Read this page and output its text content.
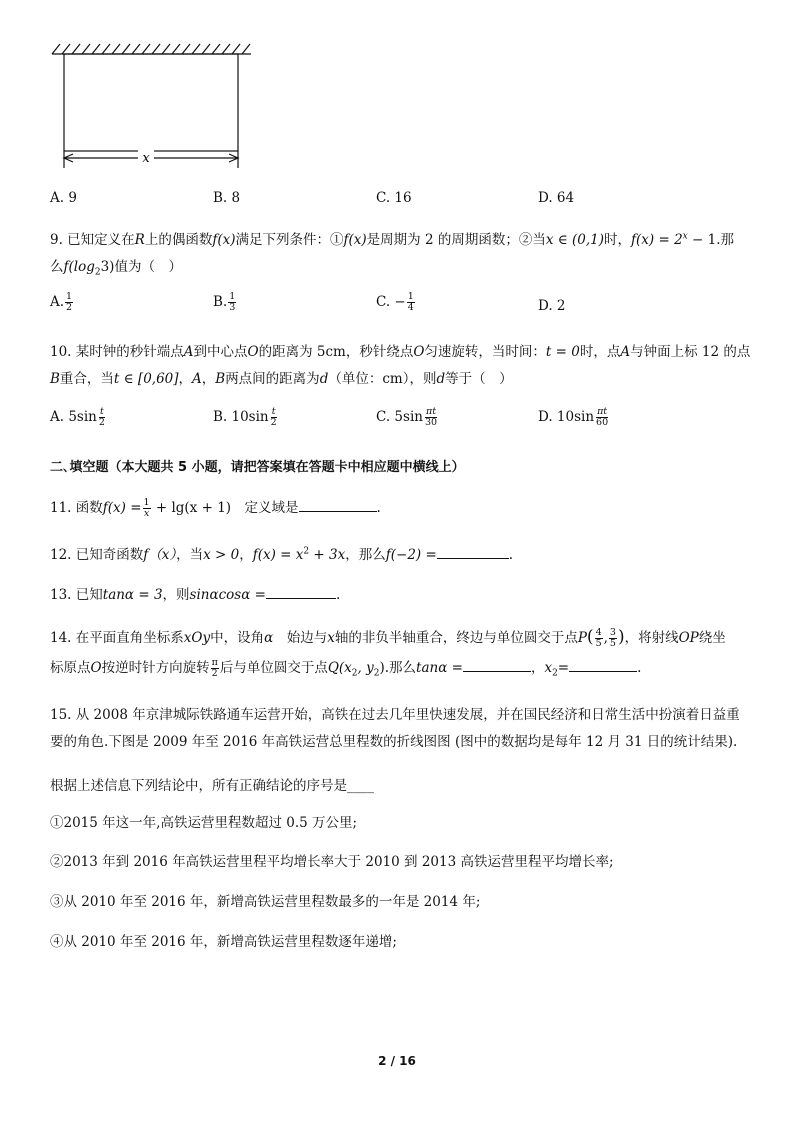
x
A. 9	B. 8	C. 16	D. 64
9. 已知定义在R上的偶函数f(x)满足下列条件：①f(x)是周期为 2 的周期函数；②当x ∈ (0,1)时，$f(x) = 2^x - 1$.那
么$f(\log_23)$值为（　）
A. $\frac{1}{2}$	B. $\frac{1}{3}$	C. − $\frac{1}{4}$	D. 2
10. 某时钟的秒针端点A到中心点O的距离为 5cm，秒针绕点O匀速旋转，当时间：t = 0时，点A与钟面上标 12 的点
B重合，当t ∈ [0,60]，A，B两点间的距离为d（单位：cm），则d等于（　）
A. $5\sin \frac{t}{2}$	B. $10\sin \frac{t}{2}$	C. $5\sin \frac{\pi t}{30}$	D. $10\sin \frac{\pi t}{60}$
二､填空题（本大题共 5 小题，请把答案填在答题卡中相应题中横线上）
11. 函数$f(x) = \frac{1}{x} + \lg(x + 1)$　定义域是	.
12. 已知奇函数f（x），当x > 0，$f(x) = x^2 + 3x$，那么f(−2) =	.
13. 已知tanα = 3，则sinαcosα =	.
14. 在平面直角坐标系xOy中，设角α　始边与x轴的非负半轴重合，终边与单位圆交于点$P( \frac{4}{5}$ , $\frac{3}{5}$ )，将射线OP绕坐
标原点O按逆时针方向旋转 $\frac{\pi}{2}$ 后与单位圆交于点$Q(x_2$, $y_2$).那么tanα =	，$x_2=$	.
15. 从 2008 年京津城际铁路通车运营开始，高铁在过去几年里快速发展，并在国民经济和日常生活中扮演着日益重
要的角色.下图是 2009 年至 2016 年高铁运营总里程数的折线图图 (图中的数据均是每年 12 月 31 日的统计结果).
根据上述信息下列结论中，所有正确结论的序号是____
①2015 年这一年,高铁运营里程数超过 0.5 万公里;
②2013 年到 2016 年高铁运营里程平均增长率大于 2010 到 2013 高铁运营里程平均增长率;
③从 2010 年至 2016 年，新增高铁运营里程数最多的一年是 2014 年;
④从 2010 年至 2016 年，新增高铁运营里程数逐年递增;
2 / 16
